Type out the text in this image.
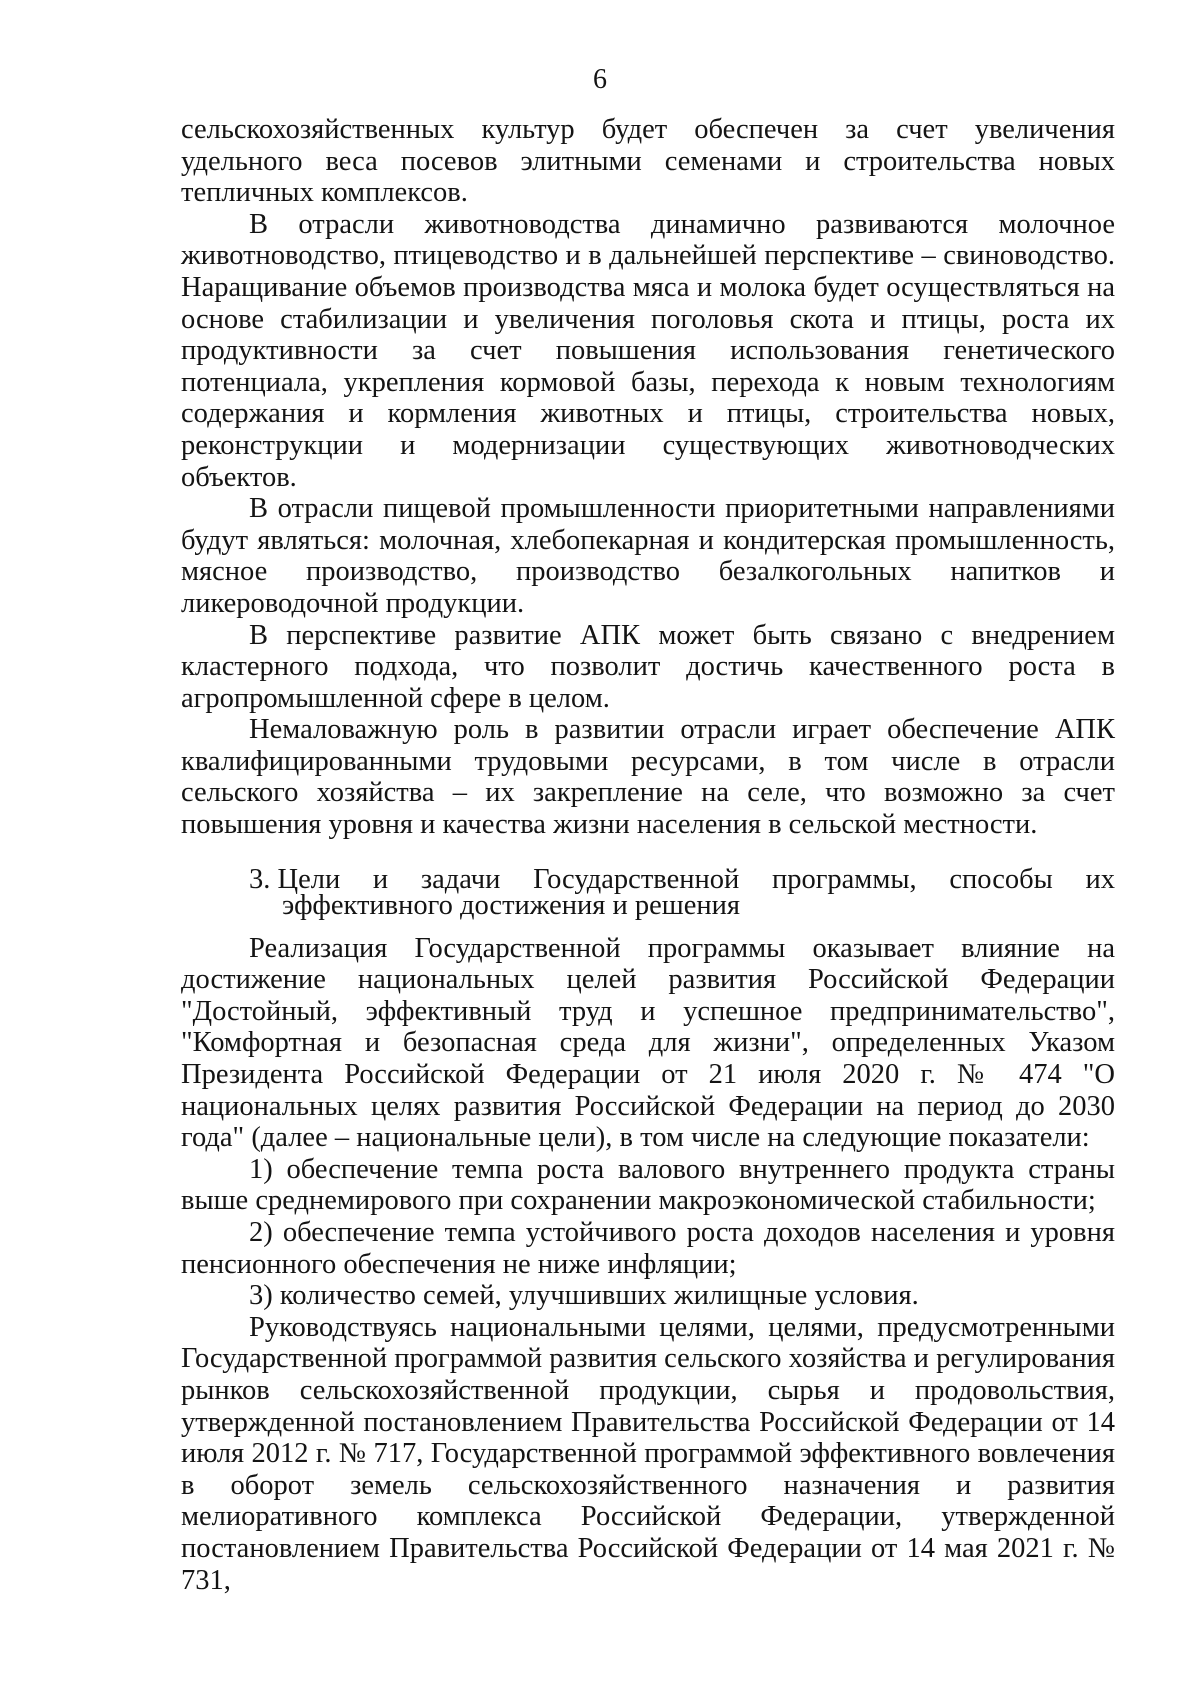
6

сельскохозяйственных культур будет обеспечен за счет увеличения удельного веса посевов элитными семенами и строительства новых тепличных комплексов.

В отрасли животноводства динамично развиваются молочное животноводство, птицеводство и в дальнейшей перспективе – свиноводство. Наращивание объемов производства мяса и молока будет осуществляться на основе стабилизации и увеличения поголовья скота и птицы, роста их продуктивности за счет повышения использования генетического потенциала, укрепления кормовой базы, перехода к новым технологиям содержания и кормления животных и птицы, строительства новых, реконструкции и модернизации существующих животноводческих объектов.

В отрасли пищевой промышленности приоритетными направлениями будут являться: молочная, хлебопекарная и кондитерская промышленность, мясное производство, производство безалкогольных напитков и ликероводочной продукции.

В перспективе развитие АПК может быть связано с внедрением кластерного подхода, что позволит достичь качественного роста в агропромышленной сфере в целом.

Немаловажную роль в развитии отрасли играет обеспечение АПК квалифицированными трудовыми ресурсами, в том числе в отрасли сельского хозяйства – их закрепление на селе, что возможно за счет повышения уровня и качества жизни населения в сельской местности.

3. Цели и задачи Государственной программы, способы их
эффективного достижения и решения

Реализация Государственной программы оказывает влияние на достижение национальных целей развития Российской Федерации "Достойный, эффективный труд и успешное предпринимательство", "Комфортная и безопасная среда для жизни", определенных Указом Президента Российской Федерации от 21 июля 2020 г. № 474 "О национальных целях развития Российской Федерации на период до 2030 года" (далее – национальные цели), в том числе на следующие показатели:

1) обеспечение темпа роста валового внутреннего продукта страны выше среднемирового при сохранении макроэкономической стабильности;

2) обеспечение темпа устойчивого роста доходов населения и уровня пенсионного обеспечения не ниже инфляции;

3) количество семей, улучшивших жилищные условия.

Руководствуясь национальными целями, целями, предусмотренными Государственной программой развития сельского хозяйства и регулирования рынков сельскохозяйственной продукции, сырья и продовольствия, утвержденной постановлением Правительства Российской Федерации от 14 июля 2012 г. № 717, Государственной программой эффективного вовлечения в оборот земель сельскохозяйственного назначения и развития мелиоративного комплекса Российской Федерации, утвержденной постановлением Правительства Российской Федерации от 14 мая 2021 г. № 731,
